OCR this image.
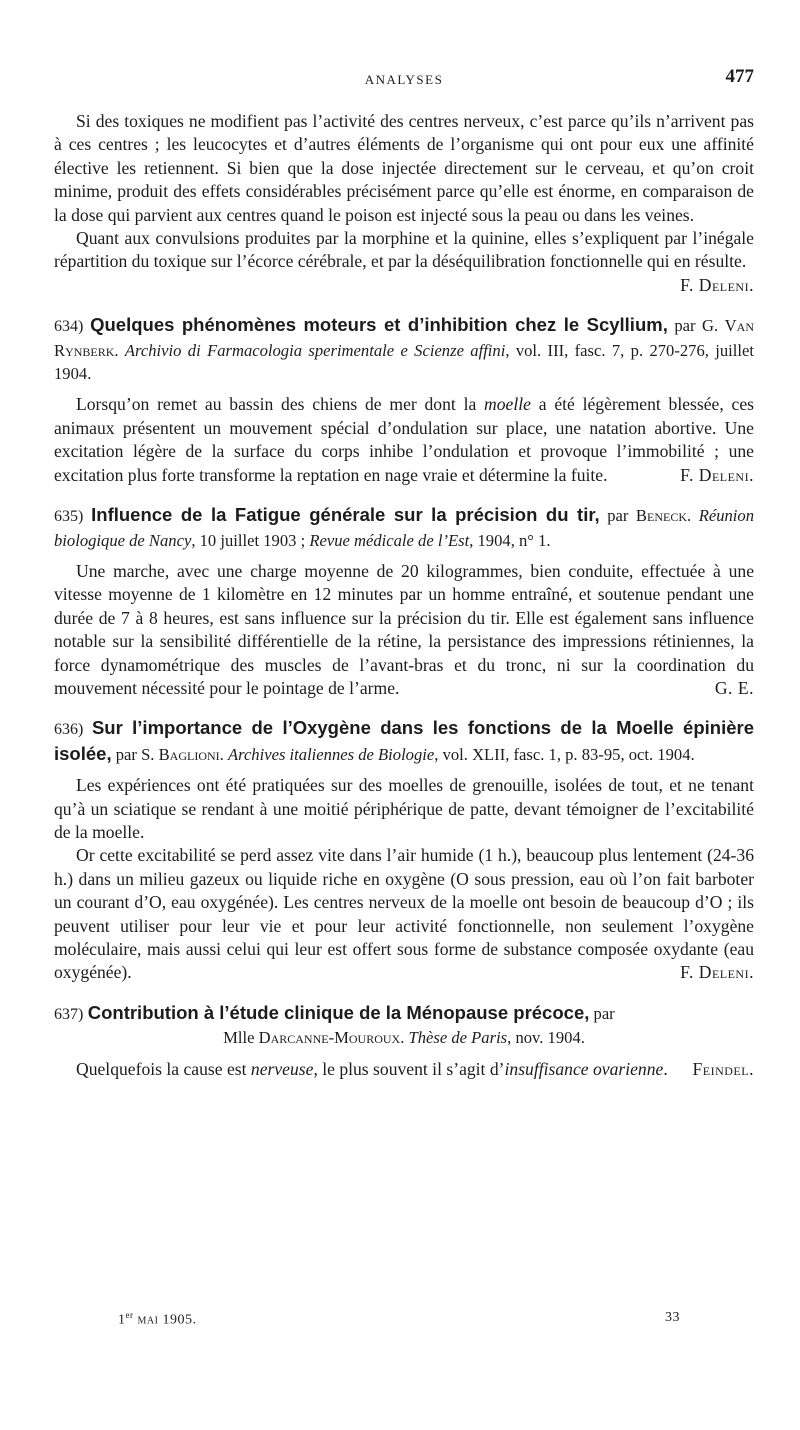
ANALYSES	477

Si des toxiques ne modifient pas l’activité des centres nerveux, c’est parce qu’ils n’arrivent pas à ces centres ; les leucocytes et d’autres éléments de l’organisme qui ont pour eux une affinité élective les retiennent. Si bien que la dose injectée directement sur le cerveau, et qu’on croit minime, produit des effets considérables précisément parce qu’elle est énorme, en comparaison de la dose qui parvient aux centres quand le poison est injecté sous la peau ou dans les veines.

Quant aux convulsions produites par la morphine et la quinine, elles s’expliquent par l’inégale répartition du toxique sur l’écorce cérébrale, et par la déséquilibration fonctionnelle qui en résulte.
F. Deleni.

634) Quelques phénomènes moteurs et d’inhibition chez le Scyllium, par G. Van Rynberk. Archivio di Farmacologia sperimentale e Scienze affini, vol. III, fasc. 7, p. 270-276, juillet 1904.

Lorsqu’on remet au bassin des chiens de mer dont la moelle a été légèrement blessée, ces animaux présentent un mouvement spécial d’ondulation sur place, une natation abortive. Une excitation légère de la surface du corps inhibe l’ondulation et provoque l’immobilité ; une excitation plus forte transforme la reptation en nage vraie et détermine la fuite.	F. Deleni.

635) Influence de la Fatigue générale sur la précision du tir, par Beneck. Réunion biologique de Nancy, 10 juillet 1903 ; Revue médicale de l’Est, 1904, n° 1.

Une marche, avec une charge moyenne de 20 kilogrammes, bien conduite, effectuée à une vitesse moyenne de 1 kilomètre en 12 minutes par un homme entraîné, et soutenue pendant une durée de 7 à 8 heures, est sans influence sur la précision du tir. Elle est également sans influence notable sur la sensibilité différentielle de la rétine, la persistance des impressions rétiniennes, la force dynamométrique des muscles de l’avant-bras et du tronc, ni sur la coordination du mouvement nécessité pour le pointage de l’arme.	G. E.

636) Sur l’importance de l’Oxygène dans les fonctions de la Moelle épinière isolée, par S. Baglioni. Archives italiennes de Biologie, vol. XLII, fasc. 1, p. 83-95, oct. 1904.

Les expériences ont été pratiquées sur des moelles de grenouille, isolées de tout, et ne tenant qu’à un sciatique se rendant à une moitié périphérique de patte, devant témoigner de l’excitabilité de la moelle.

Or cette excitabilité se perd assez vite dans l’air humide (1 h.), beaucoup plus lentement (24-36 h.) dans un milieu gazeux ou liquide riche en oxygène (O sous pression, eau où l’on fait barboter un courant d’O, eau oxygénée). Les centres nerveux de la moelle ont besoin de beaucoup d’O ; ils peuvent utiliser pour leur vie et pour leur activité fonctionnelle, non seulement l’oxygène moléculaire, mais aussi celui qui leur est offert sous forme de substance composée oxydante (eau oxygénée).	F. Deleni.

637) Contribution à l’étude clinique de la Ménopause précoce, par
Mlle Darcanne-Mouroux. Thèse de Paris, nov. 1904.

Quelquefois la cause est nerveuse, le plus souvent il s’agit d’insuffisance ovarienne.	Feindel.

1er mai 1905.	33
